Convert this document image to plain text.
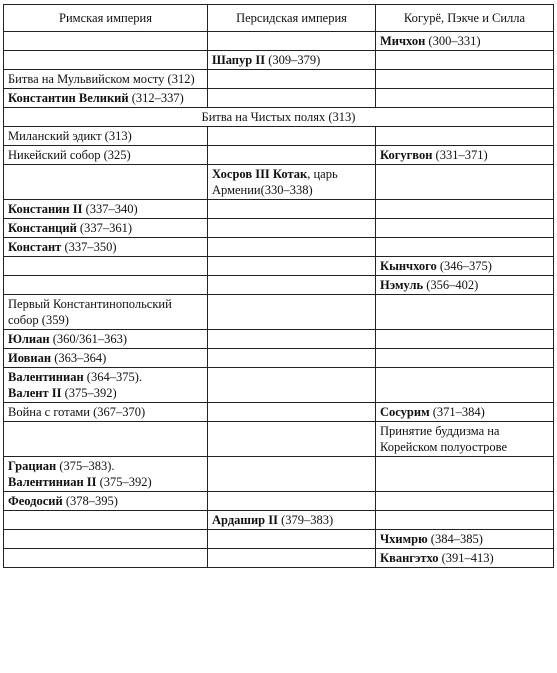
Римская империя	Персидская империя	Когурё, Пэкче и Силла
		Мичхон (300–331)
	Шапур II (309–379)	
Битва на Мульвийском мосту (312)		
Константин Великий (312–337)		
Битва на Чистых полях (313)		
Миланский эдикт (313)		
Никейский собор (325)		Когугвон (331–371)
	Хосров III Котак, царь Армении(330–338)	
Констанин II (337–340)		
Констанций (337–361)		
Констант (337–350)		
		Кынчхого (346–375)
		Нэмуль (356–402)
Первый Константинопольский собор (359)		
Юлиан (360/361–363)		
Иовиан (363–364)		
Валентиниан (364–375).
Валент II (375–392)		
Война с готами (367–370)		Сосурим (371–384)
		Принятие буддизма на Корейском полуострове
Грациан (375–383).
Валентиниан II (375–392)		
Феодосий (378–395)		
	Ардашир II (379–383)	
		Чхимрю (384–385)
		Квангэтхо (391–413)
